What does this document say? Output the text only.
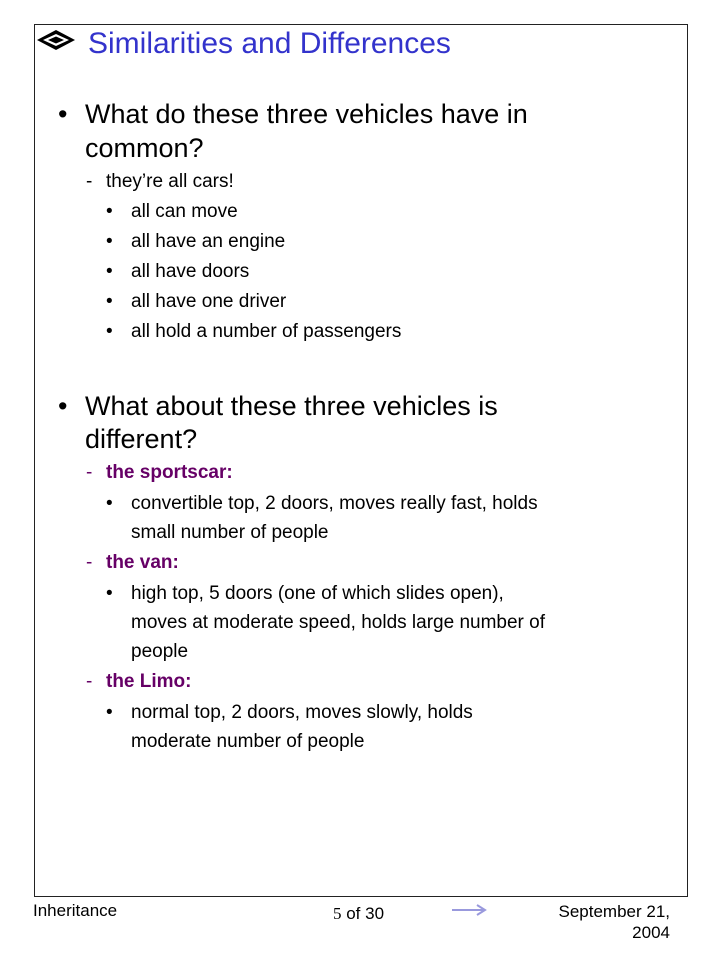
Similarities and Differences
• What do these three vehicles have in
common?
- they’re all cars!
• all can move
• all have an engine
• all have doors
• all have one driver
• all hold a number of passengers
• What about these three vehicles is
different?
- the sportscar:
• convertible top, 2 doors, moves really fast, holds
small number of people
- the van:
• high top, 5 doors (one of which slides open),
moves at moderate speed, holds large number of
people
- the Limo:
• normal top, 2 doors, moves slowly, holds
moderate number of people
Inheritance	5 of 30	September 21,
2004
